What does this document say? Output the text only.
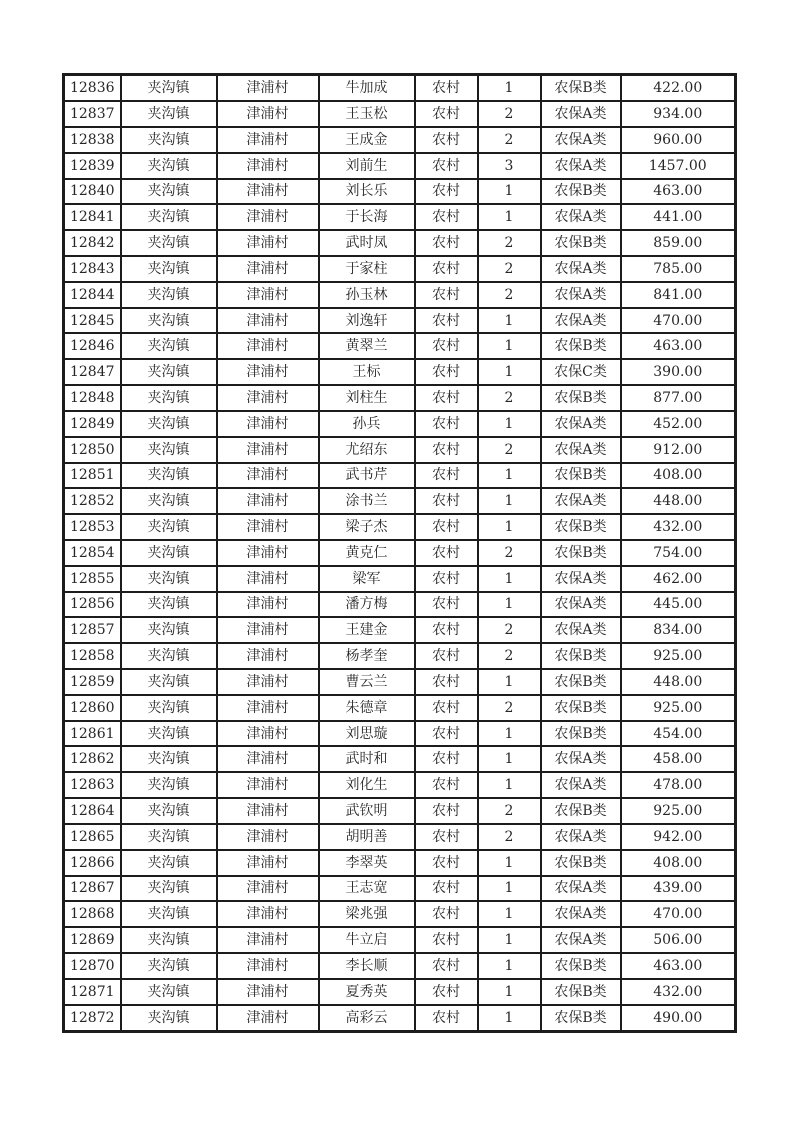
12836	夹沟镇	津浦村	牛加成	农村	1	农保B类	422.00
12837	夹沟镇	津浦村	王玉松	农村	2	农保A类	934.00
12838	夹沟镇	津浦村	王成金	农村	2	农保A类	960.00
12839	夹沟镇	津浦村	刘前生	农村	3	农保A类	1457.00
12840	夹沟镇	津浦村	刘长乐	农村	1	农保B类	463.00
12841	夹沟镇	津浦村	于长海	农村	1	农保A类	441.00
12842	夹沟镇	津浦村	武时凤	农村	2	农保B类	859.00
12843	夹沟镇	津浦村	于家柱	农村	2	农保A类	785.00
12844	夹沟镇	津浦村	孙玉林	农村	2	农保A类	841.00
12845	夹沟镇	津浦村	刘逸轩	农村	1	农保A类	470.00
12846	夹沟镇	津浦村	黄翠兰	农村	1	农保B类	463.00
12847	夹沟镇	津浦村	王标	农村	1	农保C类	390.00
12848	夹沟镇	津浦村	刘柱生	农村	2	农保B类	877.00
12849	夹沟镇	津浦村	孙兵	农村	1	农保A类	452.00
12850	夹沟镇	津浦村	尤绍东	农村	2	农保A类	912.00
12851	夹沟镇	津浦村	武书芹	农村	1	农保B类	408.00
12852	夹沟镇	津浦村	涂书兰	农村	1	农保A类	448.00
12853	夹沟镇	津浦村	梁子杰	农村	1	农保B类	432.00
12854	夹沟镇	津浦村	黄克仁	农村	2	农保B类	754.00
12855	夹沟镇	津浦村	梁军	农村	1	农保A类	462.00
12856	夹沟镇	津浦村	潘方梅	农村	1	农保A类	445.00
12857	夹沟镇	津浦村	王建金	农村	2	农保A类	834.00
12858	夹沟镇	津浦村	杨孝奎	农村	2	农保B类	925.00
12859	夹沟镇	津浦村	曹云兰	农村	1	农保B类	448.00
12860	夹沟镇	津浦村	朱德章	农村	2	农保B类	925.00
12861	夹沟镇	津浦村	刘思璇	农村	1	农保B类	454.00
12862	夹沟镇	津浦村	武时和	农村	1	农保A类	458.00
12863	夹沟镇	津浦村	刘化生	农村	1	农保A类	478.00
12864	夹沟镇	津浦村	武钦明	农村	2	农保B类	925.00
12865	夹沟镇	津浦村	胡明善	农村	2	农保A类	942.00
12866	夹沟镇	津浦村	李翠英	农村	1	农保B类	408.00
12867	夹沟镇	津浦村	王志宽	农村	1	农保A类	439.00
12868	夹沟镇	津浦村	梁兆强	农村	1	农保A类	470.00
12869	夹沟镇	津浦村	牛立启	农村	1	农保A类	506.00
12870	夹沟镇	津浦村	李长顺	农村	1	农保B类	463.00
12871	夹沟镇	津浦村	夏秀英	农村	1	农保B类	432.00
12872	夹沟镇	津浦村	高彩云	农村	1	农保B类	490.00
